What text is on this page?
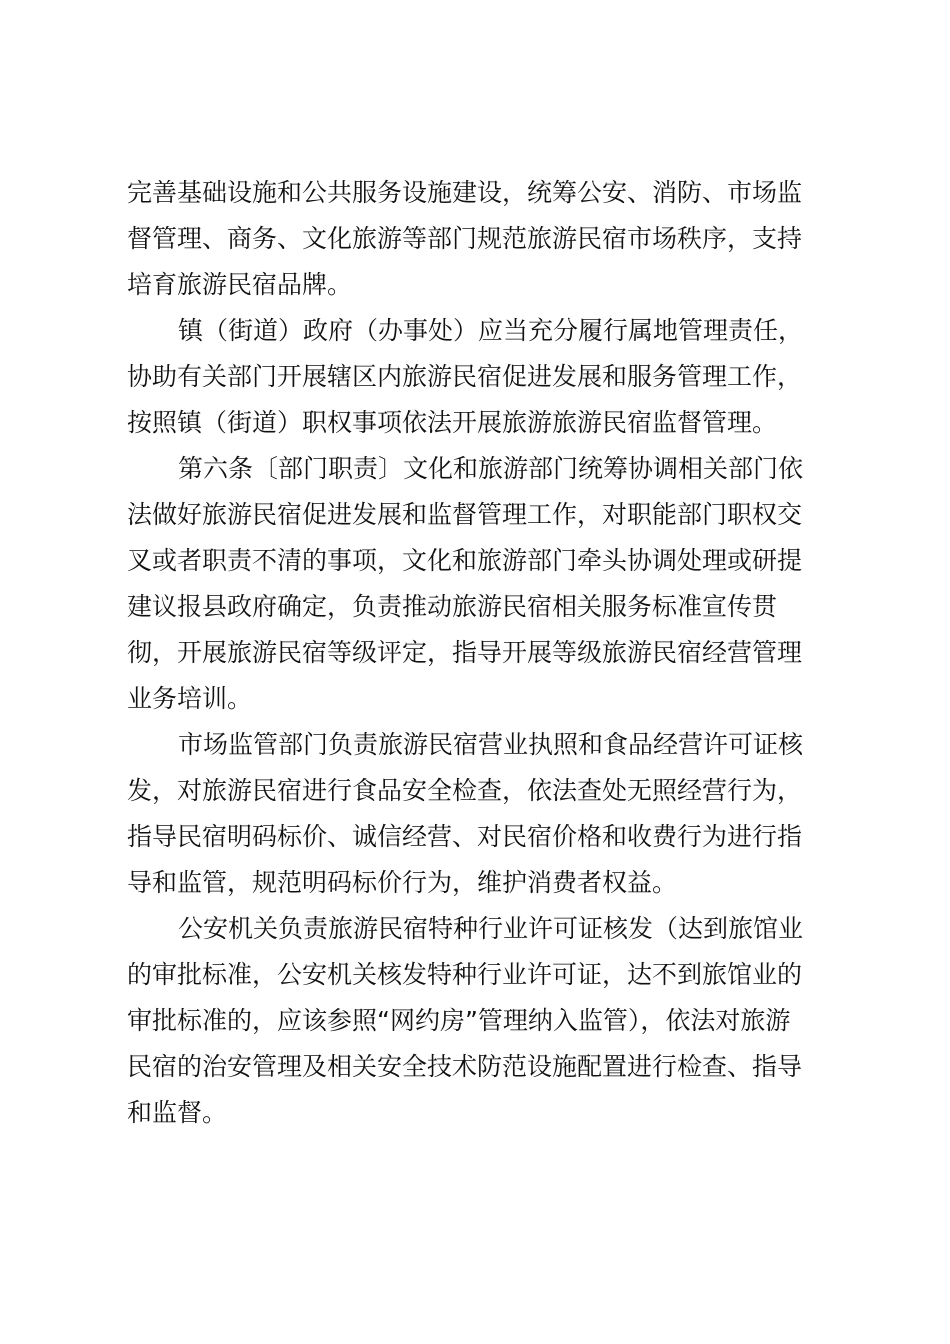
完善基础设施和公共服务设施建设，统筹公安、消防、市场监
督管理、商务、文化旅游等部门规范旅游民宿市场秩序，支持
培育旅游民宿品牌。
镇（街道）政府（办事处）应当充分履行属地管理责任，
协助有关部门开展辖区内旅游民宿促进发展和服务管理工作，
按照镇（街道）职权事项依法开展旅游旅游民宿监督管理。
第六条〔部门职责〕文化和旅游部门统筹协调相关部门依
法做好旅游民宿促进发展和监督管理工作，对职能部门职权交
叉或者职责不清的事项，文化和旅游部门牵头协调处理或研提
建议报县政府确定，负责推动旅游民宿相关服务标准宣传贯
彻，开展旅游民宿等级评定，指导开展等级旅游民宿经营管理
业务培训。
市场监管部门负责旅游民宿营业执照和食品经营许可证核
发，对旅游民宿进行食品安全检查，依法查处无照经营行为，
指导民宿明码标价、诚信经营、对民宿价格和收费行为进行指
导和监管，规范明码标价行为，维护消费者权益。
公安机关负责旅游民宿特种行业许可证核发（达到旅馆业
的审批标准，公安机关核发特种行业许可证，达不到旅馆业的
审批标准的，应该参照“网约房”管理纳入监管），依法对旅游
民宿的治安管理及相关安全技术防范设施配置进行检查、指导
和监督。
